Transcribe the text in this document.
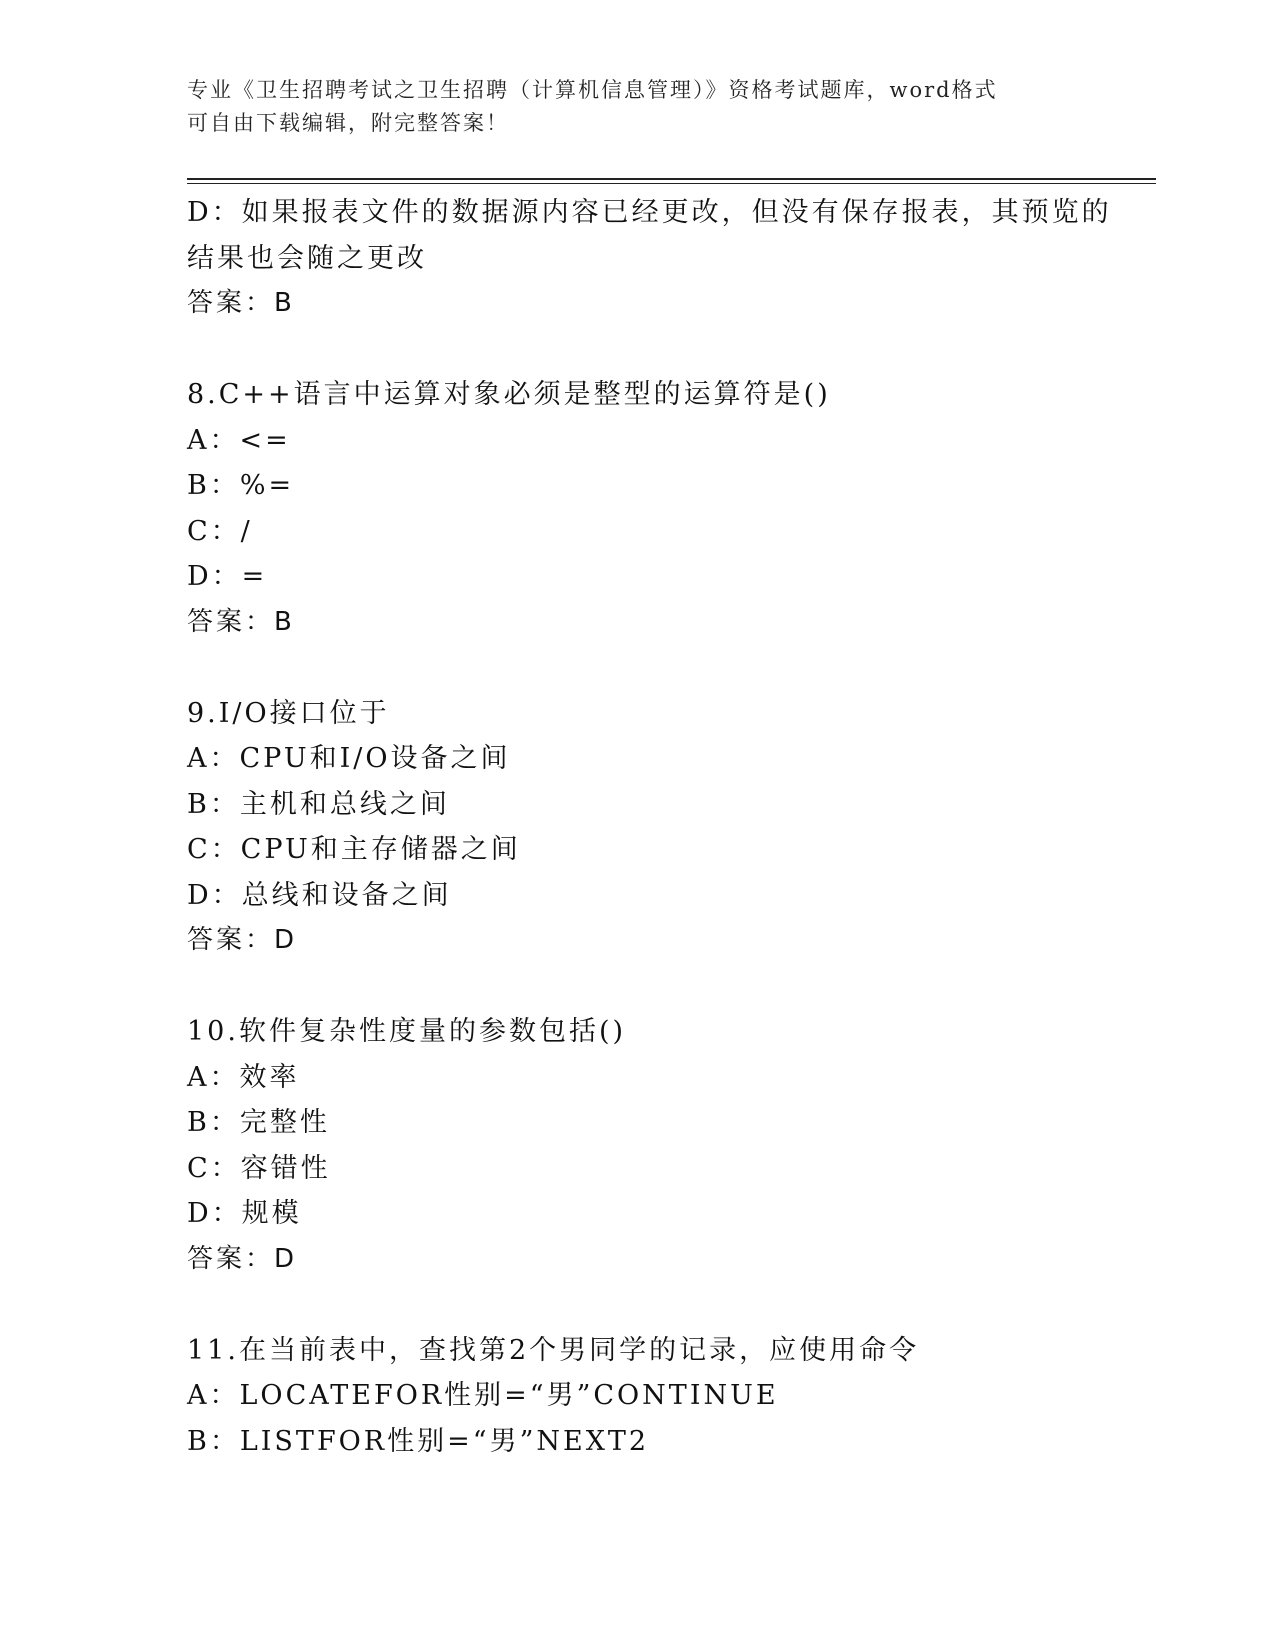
专业《卫生招聘考试之卫生招聘（计算机信息管理）》资格考试题库，word格式
可自由下载编辑，附完整答案！
D：如果报表文件的数据源内容已经更改，但没有保存报表，其预览的
结果也会随之更改
答案：B
8.C++语言中运算对象必须是整型的运算符是()
A：<=
B：%=
C：/
D：=
答案：B
9.I/O接口位于
A：CPU和I/O设备之间
B：主机和总线之间
C：CPU和主存储器之间
D：总线和设备之间
答案：D
10.软件复杂性度量的参数包括()
A：效率
B：完整性
C：容错性
D：规模
答案：D
11.在当前表中，查找第2个男同学的记录，应使用命令
A：LOCATEFOR性别=“男”CONTINUE
B：LISTFOR性别=“男”NEXT2
